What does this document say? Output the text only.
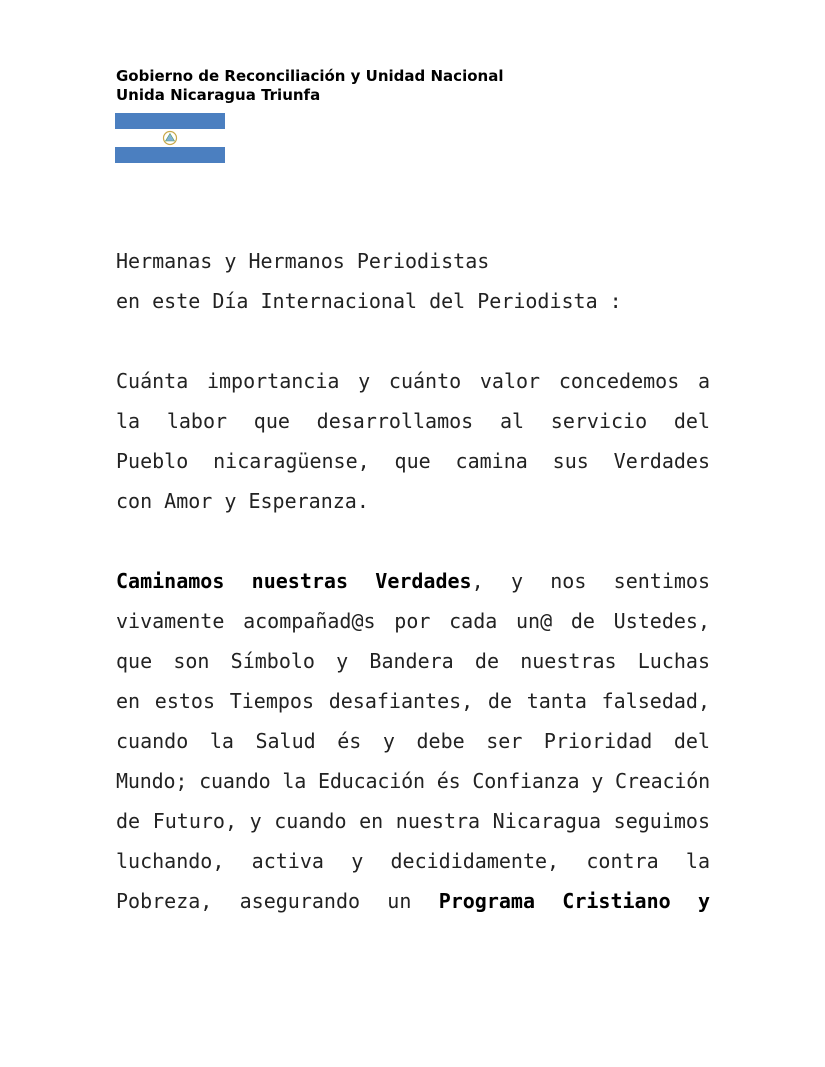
Gobierno de Reconciliación y Unidad Nacional
Unida Nicaragua Triunfa
Hermanas y Hermanos Periodistas
en este Día Internacional del Periodista :
Cuánta importancia y cuánto valor concedemos a
la labor que desarrollamos al servicio del
Pueblo nicaragüense, que camina sus Verdades
con Amor y Esperanza.
Caminamos nuestras Verdades, y nos sentimos
vivamente acompañad@s por cada un@ de Ustedes,
que son Símbolo y Bandera de nuestras Luchas
en estos Tiempos desafiantes, de tanta falsedad,
cuando la Salud és y debe ser Prioridad del
Mundo; cuando la Educación és Confianza y Creación
de Futuro, y cuando en nuestra Nicaragua seguimos
luchando, activa y decididamente, contra la
Pobreza, asegurando un Programa Cristiano y
